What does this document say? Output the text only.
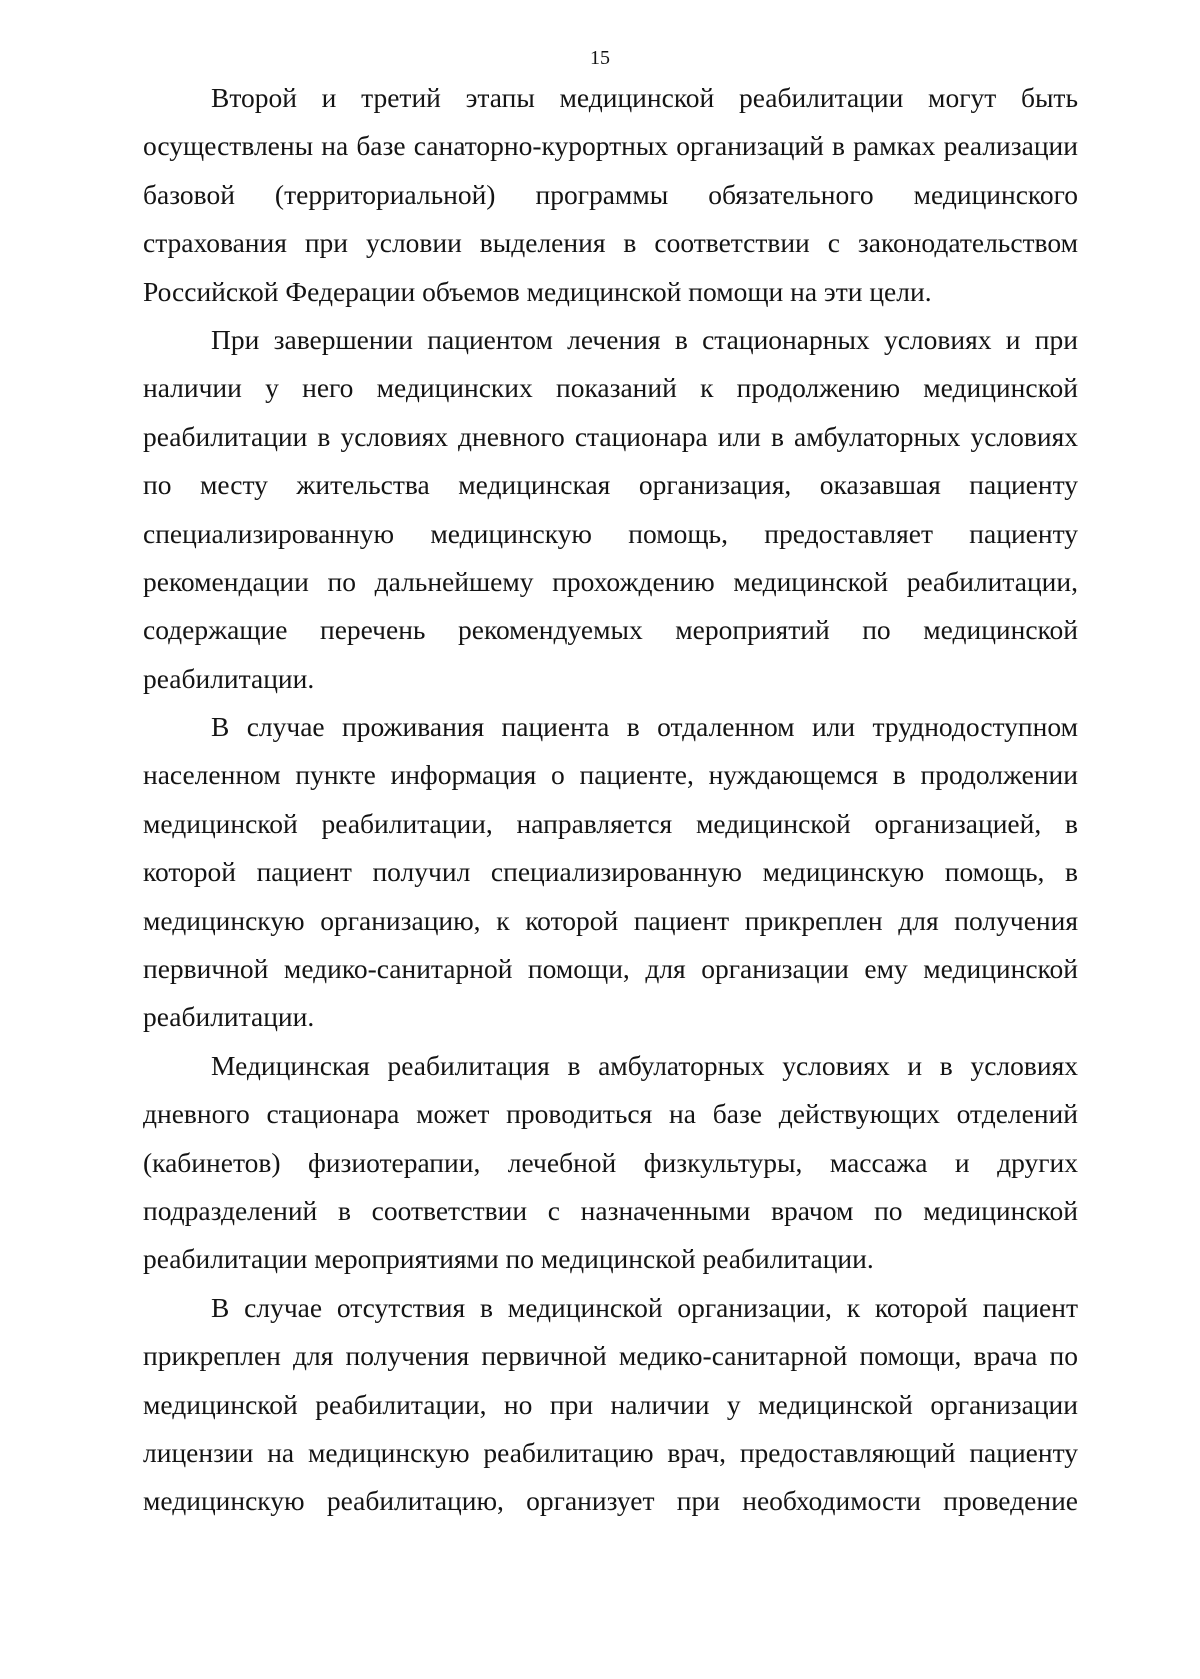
15
Второй и третий этапы медицинской реабилитации могут быть
осуществлены на базе санаторно-курортных организаций в рамках реализации
базовой (территориальной) программы обязательного медицинского
страхования при условии выделения в соответствии с законодательством
Российской Федерации объемов медицинской помощи на эти цели.
При завершении пациентом лечения в стационарных условиях и при
наличии у него медицинских показаний к продолжению медицинской
реабилитации в условиях дневного стационара или в амбулаторных условиях
по месту жительства медицинская организация, оказавшая пациенту
специализированную медицинскую помощь, предоставляет пациенту
рекомендации по дальнейшему прохождению медицинской реабилитации,
содержащие перечень рекомендуемых мероприятий по медицинской
реабилитации.
В случае проживания пациента в отдаленном или труднодоступном
населенном пункте информация о пациенте, нуждающемся в продолжении
медицинской реабилитации, направляется медицинской организацией, в
которой пациент получил специализированную медицинскую помощь, в
медицинскую организацию, к которой пациент прикреплен для получения
первичной медико-санитарной помощи, для организации ему медицинской
реабилитации.
Медицинская реабилитация в амбулаторных условиях и в условиях
дневного стационара может проводиться на базе действующих отделений
(кабинетов) физиотерапии, лечебной физкультуры, массажа и других
подразделений в соответствии с назначенными врачом по медицинской
реабилитации мероприятиями по медицинской реабилитации.
В случае отсутствия в медицинской организации, к которой пациент
прикреплен для получения первичной медико-санитарной помощи, врача по
медицинской реабилитации, но при наличии у медицинской организации
лицензии на медицинскую реабилитацию врач, предоставляющий пациенту
медицинскую реабилитацию, организует при необходимости проведение
